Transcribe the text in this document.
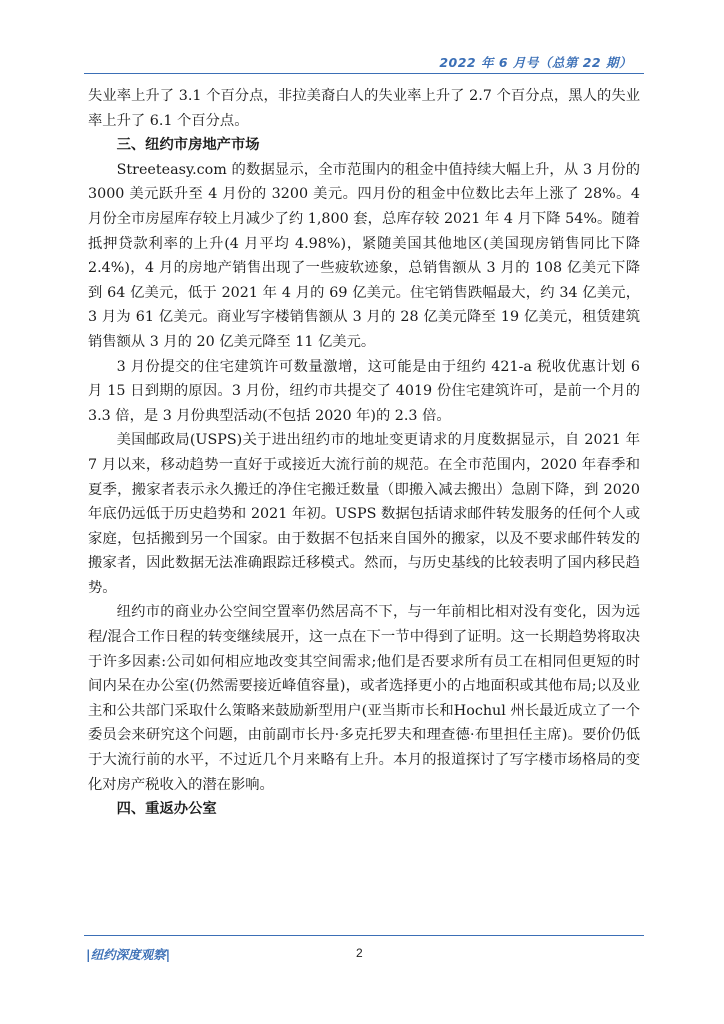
2022 年 6 月号（总第 22 期）

失业率上升了 3.1 个百分点，非拉美裔白人的失业率上升了 2.7 个百分点，黑人的失业率上升了 6.1 个百分点。

三、纽约市房地产市场

Streeteasy.com 的数据显示，全市范围内的租金中值持续大幅上升，从 3 月份的 3000 美元跃升至 4 月份的 3200 美元。四月份的租金中位数比去年上涨了 28%。4 月份全市房屋库存较上月减少了约 1,800 套，总库存较 2021 年 4 月下降 54%。随着抵押贷款利率的上升(4 月平均 4.98%)，紧随美国其他地区(美国现房销售同比下降 2.4%)，4 月的房地产销售出现了一些疲软迹象，总销售额从 3 月的 108 亿美元下降到 64 亿美元，低于 2021 年 4 月的 69 亿美元。住宅销售跌幅最大，约 34 亿美元，3 月为 61 亿美元。商业写字楼销售额从 3 月的 28 亿美元降至 19 亿美元，租赁建筑销售额从 3 月的 20 亿美元降至 11 亿美元。

3 月份提交的住宅建筑许可数量激增，这可能是由于纽约 421-a 税收优惠计划 6 月 15 日到期的原因。3 月份，纽约市共提交了 4019 份住宅建筑许可，是前一个月的 3.3 倍，是 3 月份典型活动(不包括 2020 年)的 2.3 倍。

美国邮政局(USPS)关于进出纽约市的地址变更请求的月度数据显示，自 2021 年 7 月以来，移动趋势一直好于或接近大流行前的规范。在全市范围内，2020 年春季和夏季，搬家者表示永久搬迁的净住宅搬迁数量（即搬入减去搬出）急剧下降，到 2020 年底仍远低于历史趋势和 2021 年初。USPS 数据包括请求邮件转发服务的任何个人或家庭，包括搬到另一个国家。由于数据不包括来自国外的搬家，以及不要求邮件转发的搬家者，因此数据无法准确跟踪迁移模式。然而，与历史基线的比较表明了国内移民趋势。

纽约市的商业办公空间空置率仍然居高不下，与一年前相比相对没有变化，因为远程/混合工作日程的转变继续展开，这一点在下一节中得到了证明。这一长期趋势将取决于许多因素:公司如何相应地改变其空间需求;他们是否要求所有员工在相同但更短的时间内呆在办公室(仍然需要接近峰值容量)，或者选择更小的占地面积或其他布局;以及业主和公共部门采取什么策略来鼓励新型用户(亚当斯市长和Hochul 州长最近成立了一个委员会来研究这个问题，由前副市长丹·多克托罗夫和理查德·布里担任主席)。要价仍低于大流行前的水平，不过近几个月来略有上升。本月的报道探讨了写字楼市场格局的变化对房产税收入的潜在影响。

四、重返办公室
|纽约深度观察|	2
